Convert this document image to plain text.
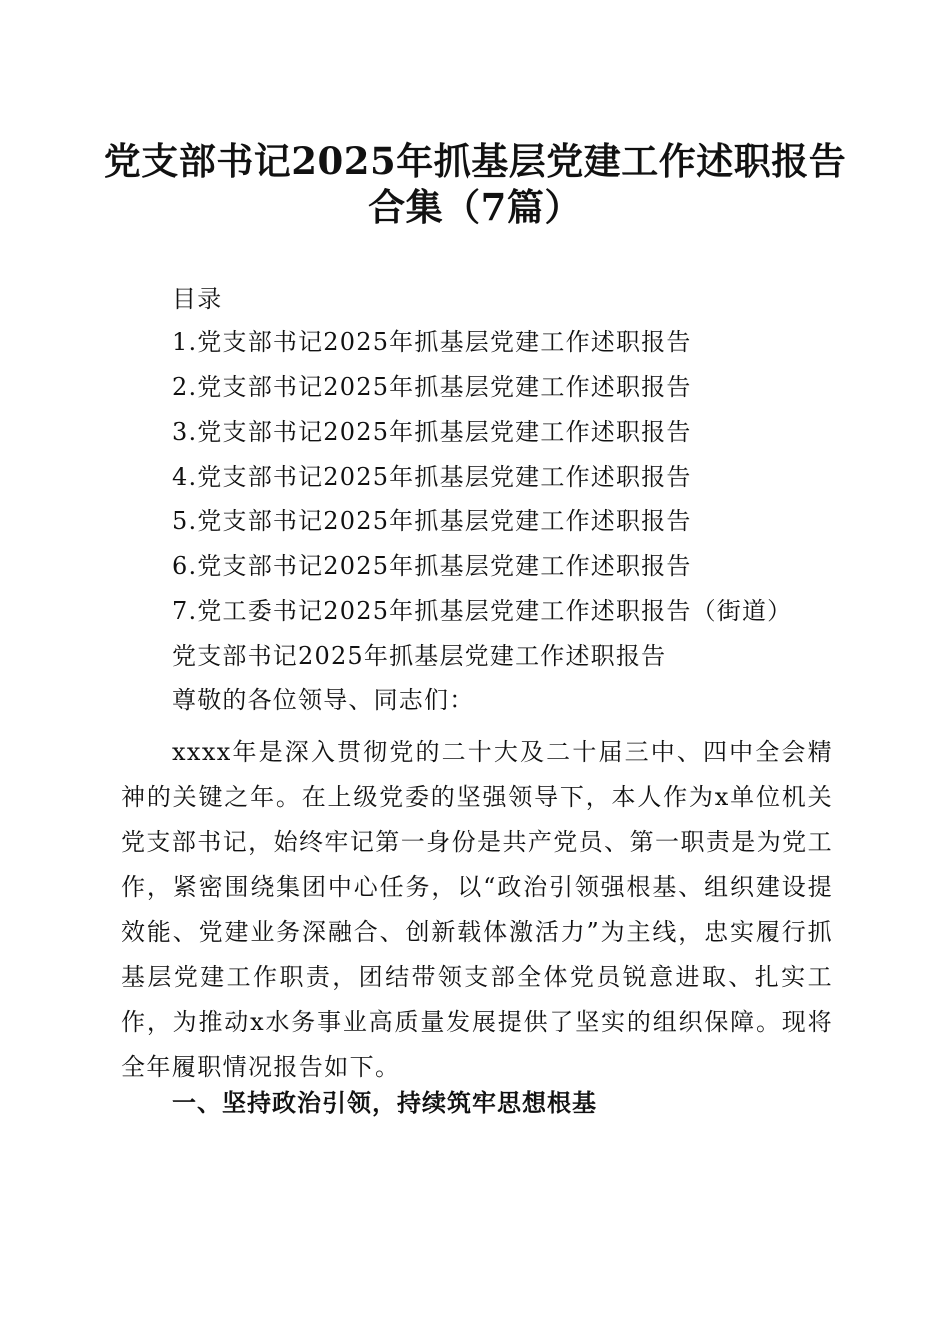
党支部书记2025年抓基层党建工作述职报告
合集（7篇）
目录
1.党支部书记2025年抓基层党建工作述职报告
2.党支部书记2025年抓基层党建工作述职报告
3.党支部书记2025年抓基层党建工作述职报告
4.党支部书记2025年抓基层党建工作述职报告
5.党支部书记2025年抓基层党建工作述职报告
6.党支部书记2025年抓基层党建工作述职报告
7.党工委书记2025年抓基层党建工作述职报告（街道）
党支部书记2025年抓基层党建工作述职报告
尊敬的各位领导、同志们：

xxxx年是深入贯彻党的二十大及二十届三中、四中全会精神的关键之年。在上级党委的坚强领导下，本人作为x单位机关党支部书记，始终牢记第一身份是共产党员、第一职责是为党工作，紧密围绕集团中心任务，以“政治引领强根基、组织建设提效能、党建业务深融合、创新载体激活力”为主线，忠实履行抓基层党建工作职责，团结带领支部全体党员锐意进取、扎实工作，为推动x水务事业高质量发展提供了坚实的组织保障。现将全年履职情况报告如下。

一、坚持政治引领，持续筑牢思想根基
